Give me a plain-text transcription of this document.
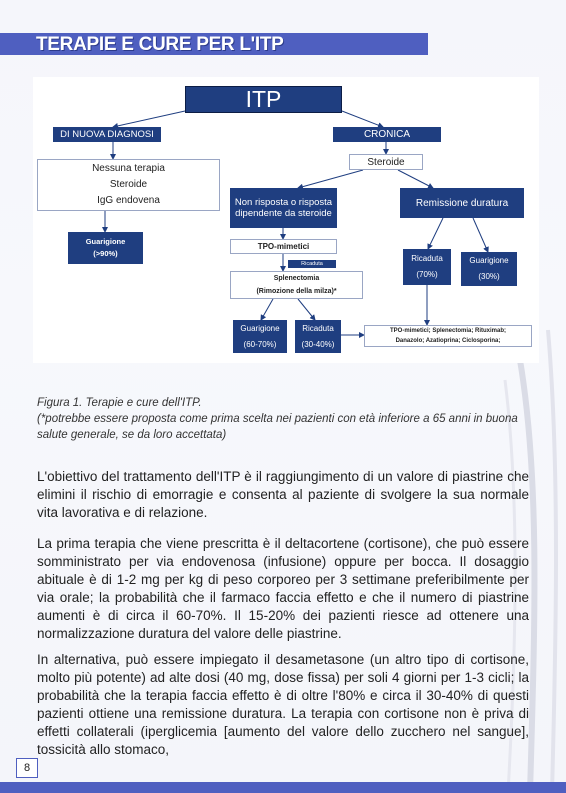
TERAPIE E CURE PER L'ITP
ITP
DI NUOVA DIAGNOSI	CRONICA
Nessuna terapia
Steroide
IgG endovena
Steroide
Guarigione
(>90%)
Non risposta o risposta dipendente da steroide
Remissione duratura
TPO-mimetici
Ricaduta
Splenectomia
(Rimozione della milza)*
Ricaduta
(70%)
Guarigione
(30%)
Guarigione
(60-70%)
Ricaduta
(30-40%)
TPO-mimetici; Splenectomia; Rituximab;
Danazolo; Azatioprina; Ciclosporina;
Figura 1. Terapie e cure dell'ITP.
(*potrebbe essere proposta come prima scelta nei pazienti con età inferiore a 65 anni in buona salute generale, se da loro accettata)

L'obiettivo del trattamento dell'ITP è il raggiungimento di un valore di piastrine che elimini il rischio di emorragie e consenta al paziente di svolgere la sua normale vita lavorativa e di relazione.

La prima terapia che viene prescritta è il deltacortene (cortisone), che può essere somministrato per via endovenosa (infusione) oppure per bocca. Il dosaggio abituale è di 1-2 mg per kg di peso corporeo per 3 settimane preferibilmente per via orale; la probabilità che il farmaco faccia effetto e che il numero di piastrine aumenti è di circa il 60-70%. Il 15-20% dei pazienti riesce ad ottenere una normalizzazione duratura del valore delle piastrine.

In alternativa, può essere impiegato il desametasone (un altro tipo di cortisone, molto più potente) ad alte dosi (40 mg, dose fissa) per soli 4 giorni per 1-3 cicli; la probabilità che la terapia faccia effetto è di oltre l'80% e circa il 30-40% di questi pazienti ottiene una remissione duratura. La terapia con cortisone non è priva di effetti collaterali (iperglicemia [aumento del valore dello zucchero nel sangue], tossicità allo stomaco,

8
